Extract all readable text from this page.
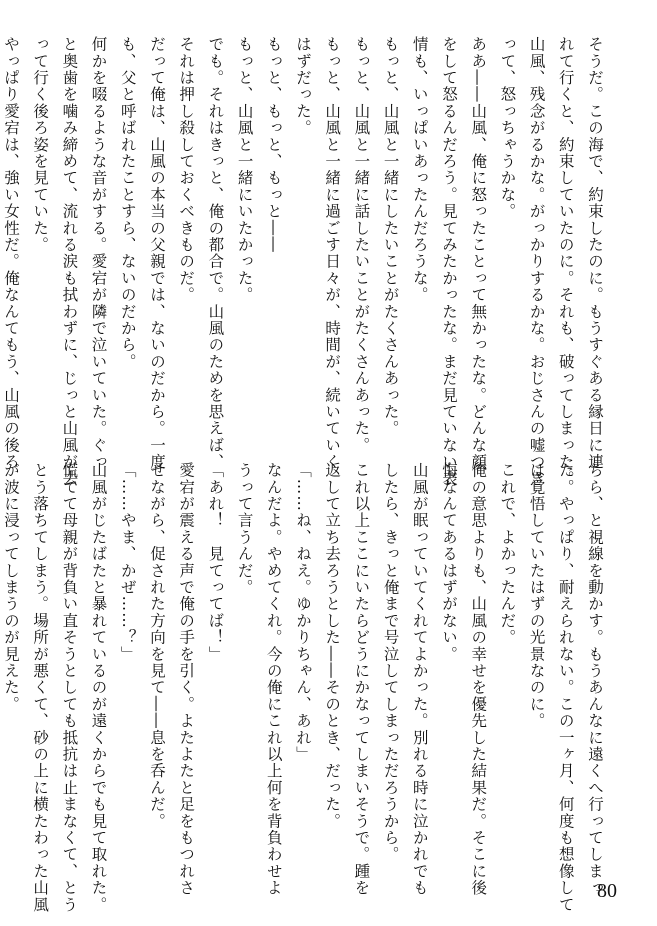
そうだ。この海で、約束したのに。もうすぐある縁日に連
れて行くと、約束していたのに。それも、破ってしまった。
山風、残念がるかな。がっかりするかな。おじさんの嘘つき
って、怒っちゃうかな。
ああ――山風、俺に怒ったことって無かったな。どんな顔
をして怒るんだろう。見てみたかったな。まだ見ていない表
情も、いっぱいあったんだろうな。
もっと、山風と一緒にしたいことがたくさんあった。
もっと、山風と一緒に話したいことがたくさんあった。
もっと、山風と一緒に過ごす日々が、時間が、続いていく
はずだった。
もっと、もっと、もっと――
もっと、山風と一緒にいたかった。
でも。それはきっと、俺の都合で。山風のためを思えば、
それは押し殺しておくべきものだ。
だって俺は、山風の本当の父親では、ないのだから。一度
も、父と呼ばれたことすら、ないのだから。
何かを啜るような音がする。愛宕が隣で泣いていた。ぐっ
と奥歯を噛み締めて、流れる涙も拭わずに、じっと山風が去
って行く後ろ姿を見ていた。
やっぱり愛宕は、強い女性だ。俺なんてもう、山風の後ろ
ちら、と視線を動かす。もうあんなに遠くへ行ってしまっ
た。やっぱり、耐えられない。この一ヶ月、何度も想像して
は覚悟していたはずの光景なのに。
これで、よかったんだ。
俺の意思よりも、山風の幸せを優先した結果だ。そこに後
悔なんてあるはずがない。
山風が眠っていてくれてよかった。別れる時に泣かれでも
したら、きっと俺まで号泣してしまっただろうから。
これ以上ここにいたらどうにかなってしまいそうで。踵を
返して立ち去ろうとした――そのとき、だった。
「……ね、ねえ。ゆかりちゃん、あれ」
なんだよ。やめてくれ。今の俺にこれ以上何を背負わせよ
うって言うんだ。
「あれ！　見てってば！」
愛宕が震える声で俺の手を引く。よたよたと足をもつれさ
せながら、促された方向を見て――息を呑んだ。
「……やま、かぜ……？」
山風がじたばたと暴れているのが遠くからでも見て取れた。
慌てて母親が背負い直そうとしても抵抗は止まなくて、とう
とう落ちてしまう。場所が悪くて、砂の上に横たわった山風
が波に浸ってしまうのが見えた。
80
